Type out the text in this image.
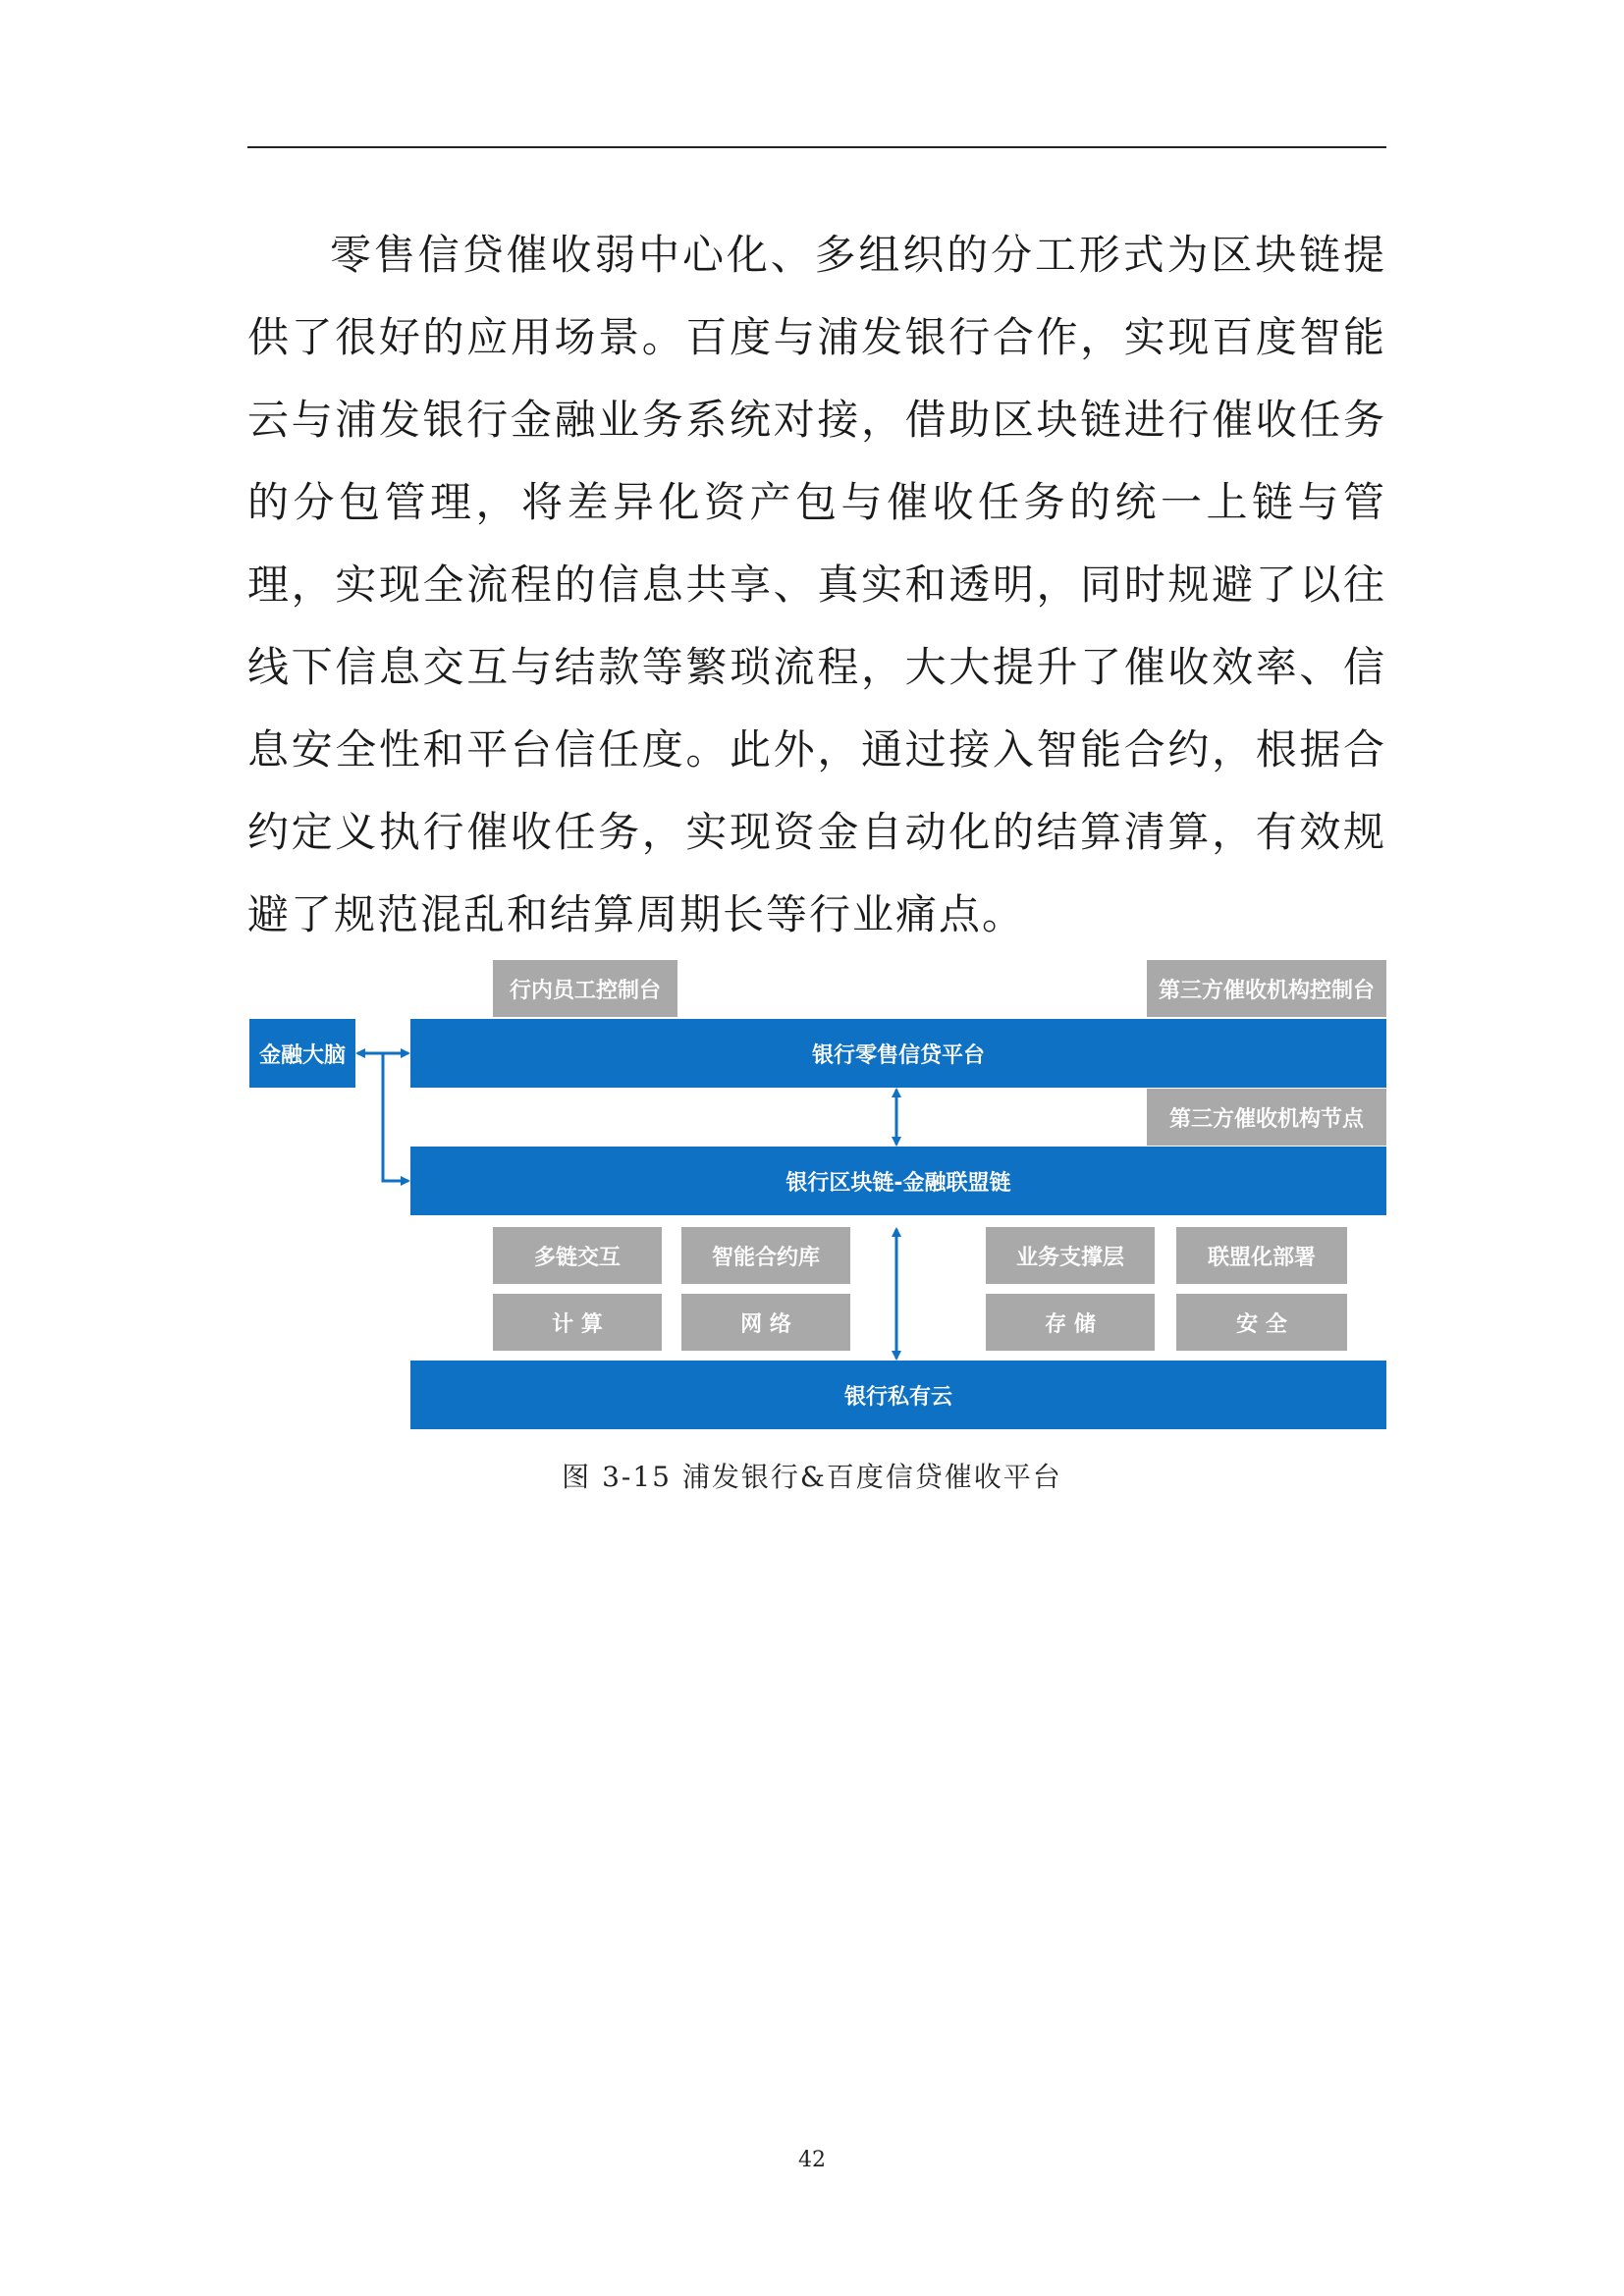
零售信贷催收弱中心化、多组织的分工形式为区块链提供了很好的应用场景。百度与浦发银行合作，实现百度智能云与浦发银行金融业务系统对接，借助区块链进行催收任务的分包管理，将差异化资产包与催收任务的统一上链与管理，实现全流程的信息共享、真实和透明，同时规避了以往线下信息交互与结款等繁琐流程，大大提升了催收效率、信息安全性和平台信任度。此外，通过接入智能合约，根据合约定义执行催收任务，实现资金自动化的结算清算，有效规避了规范混乱和结算周期长等行业痛点。

行内员工控制台	第三方催收机构控制台
金融大脑	银行零售信贷平台
第三方催收机构节点
银行区块链-金融联盟链
多链交互	智能合约库	业务支撑层	联盟化部署
计 算	网 络	存 储	安 全
银行私有云
图 3-15 浦发银行&百度信贷催收平台
42
